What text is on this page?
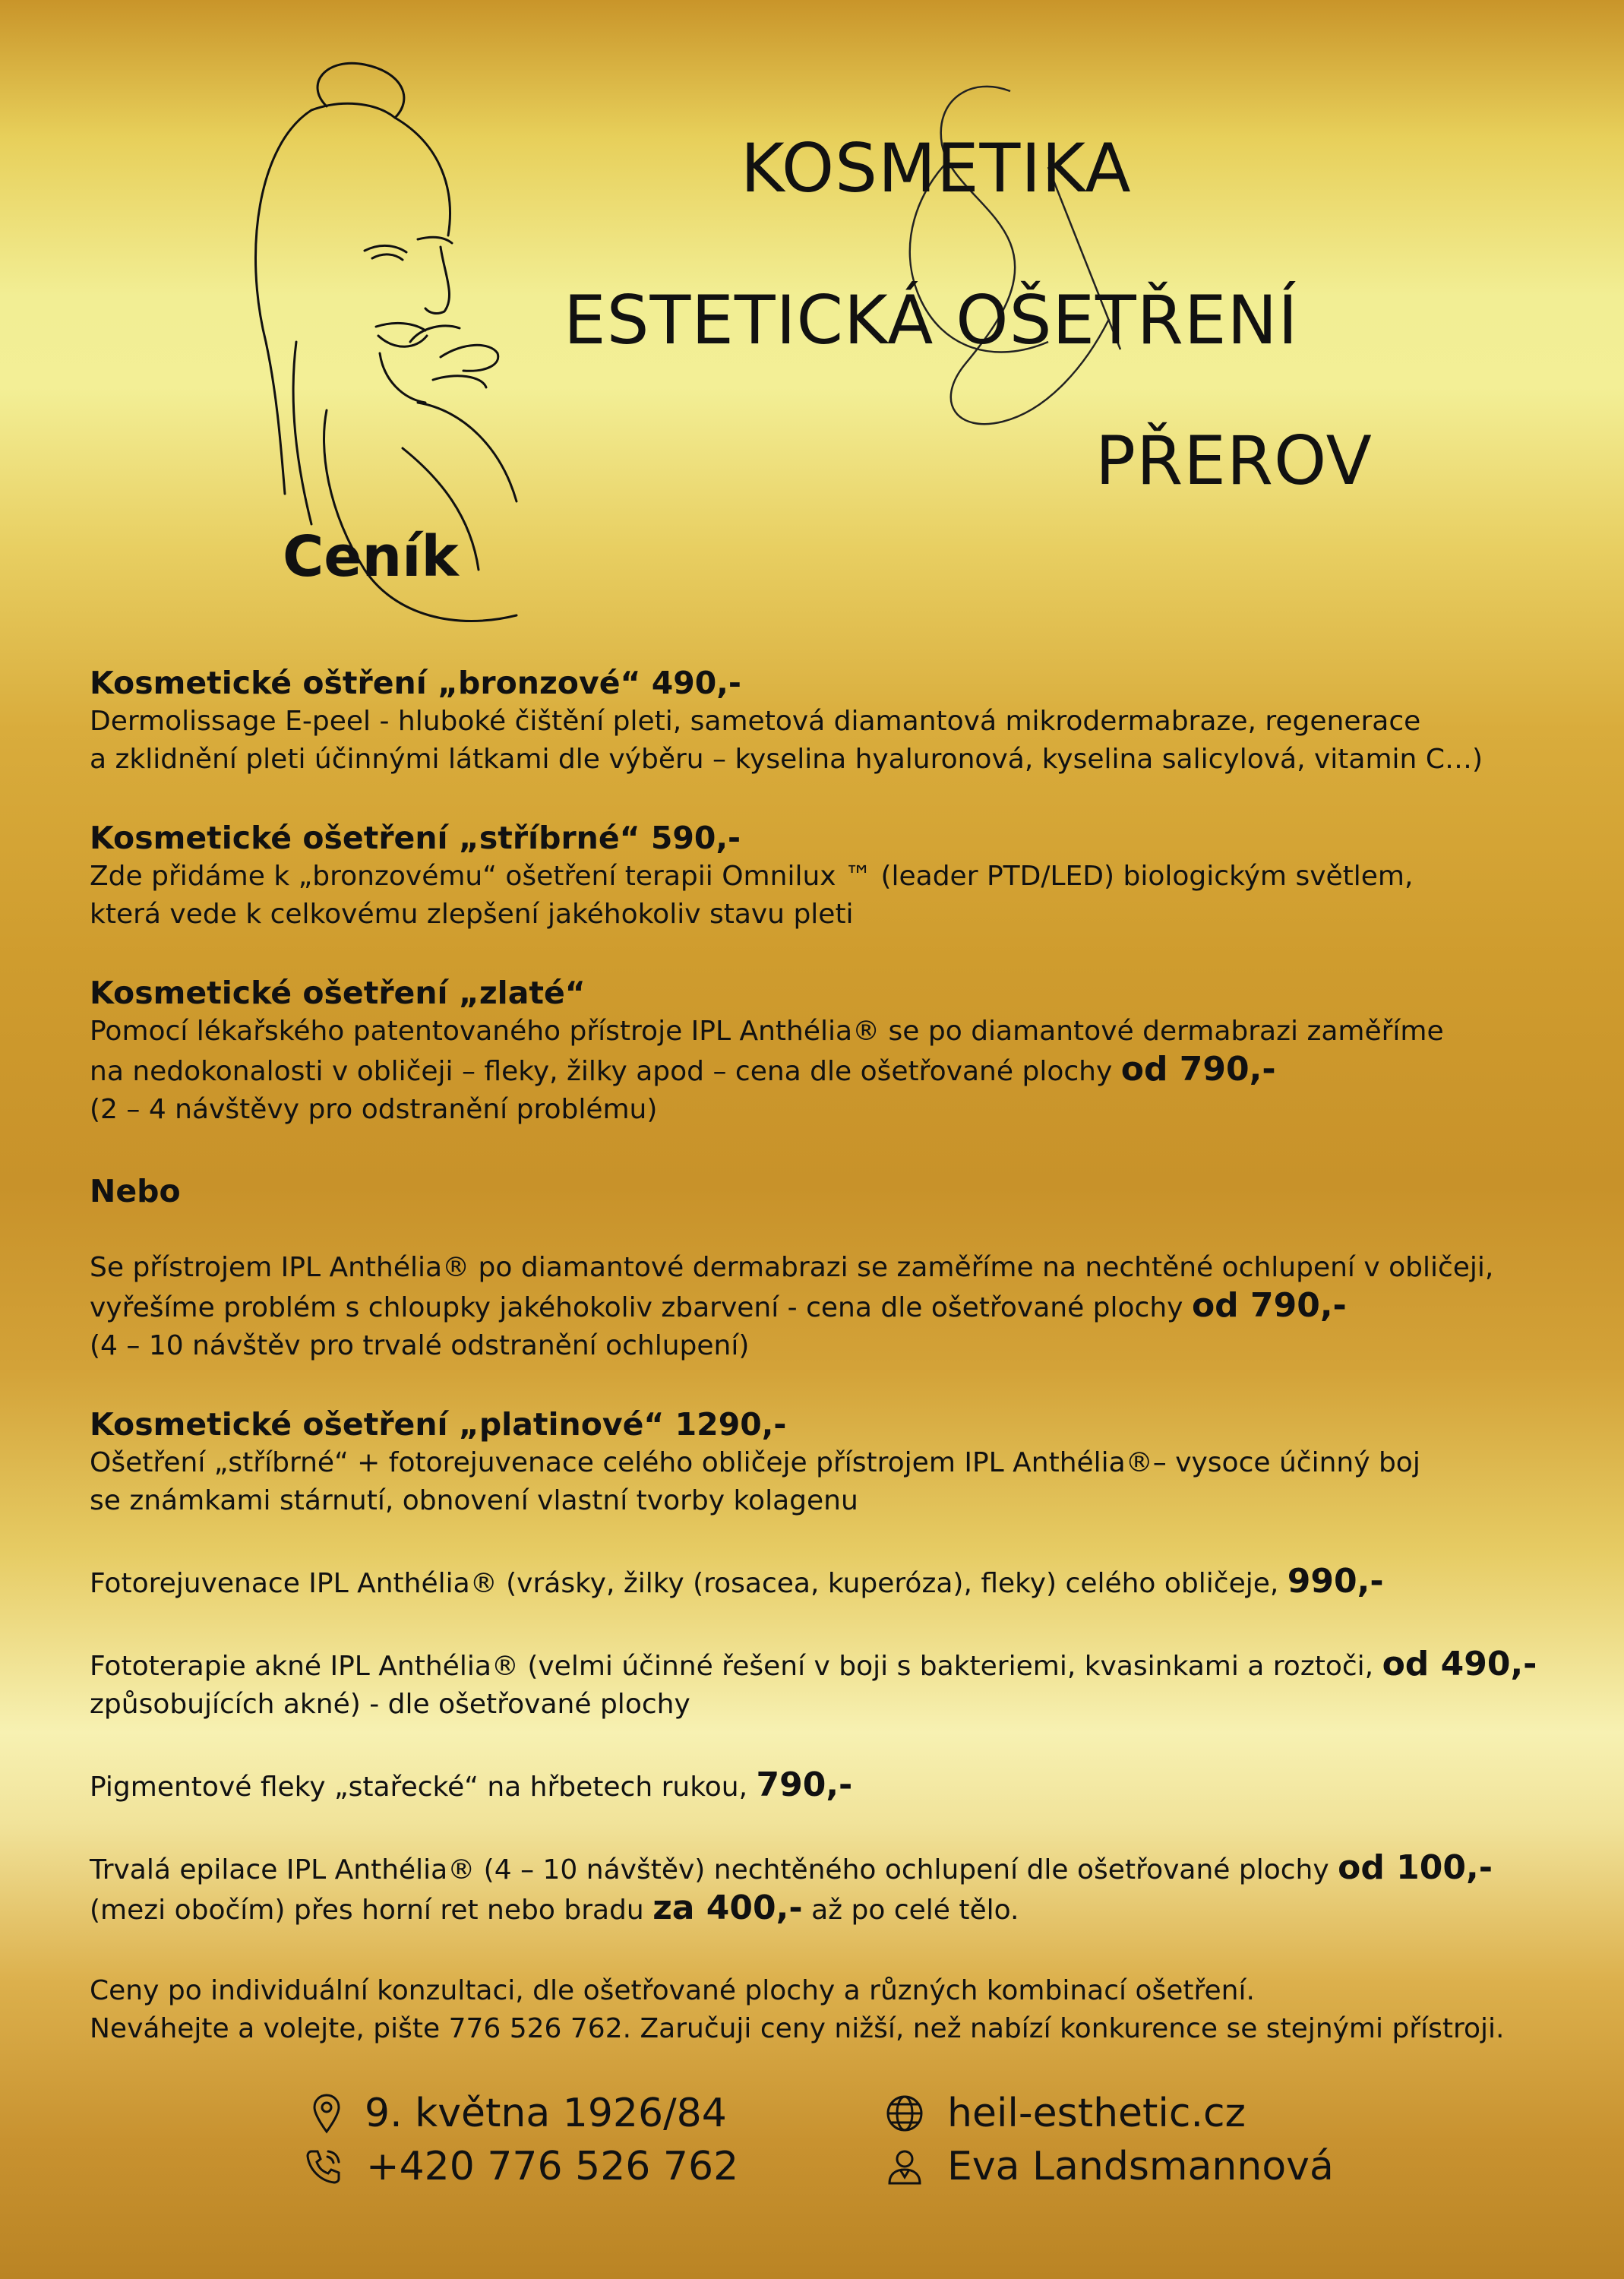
KOSMETIKA
ESTETICKÁ OŠETŘENÍ
PŘEROV
Ceník

Kosmetické oštření „bronzové“ 490,-

Dermolissage E-peel - hluboké čištění pleti, sametová diamantová mikrodermabraze, regenerace

a zklidnění pleti účinnými látkami dle výběru – kyselina hyaluronová, kyselina salicylová, vitamin C…)

Kosmetické ošetření „stříbrné“ 590,-

Zde přidáme k „bronzovému“ ošetření terapii Omnilux ™ (leader PTD/LED) biologickým světlem,

která vede k celkovému zlepšení jakéhokoliv stavu pleti

Kosmetické ošetření „zlaté“

Pomocí lékařského patentovaného přístroje IPL Anthélia® se po diamantové dermabrazi zaměříme

na nedokonalosti v obličeji – fleky, žilky apod – cena dle ošetřované plochy od 790,-

(2 – 4 návštěvy pro odstranění problému)

Nebo

Se přístrojem IPL Anthélia® po diamantové dermabrazi se zaměříme na nechtěné ochlupení v obličeji,

vyřešíme problém s chloupky jakéhokoliv zbarvení - cena dle ošetřované plochy od 790,-

(4 – 10 návštěv pro trvalé odstranění ochlupení)

Kosmetické ošetření „platinové“ 1290,-

Ošetření „stříbrné“ + fotorejuvenace celého obličeje přístrojem IPL Anthélia®– vysoce účinný boj

se známkami stárnutí, obnovení vlastní tvorby kolagenu

Fotorejuvenace IPL Anthélia® (vrásky, žilky (rosacea, kuperóza), fleky) celého obličeje, 990,-

Fototerapie akné IPL Anthélia® (velmi účinné řešení v boji s bakteriemi, kvasinkami a roztoči, od 490,-

způsobujících akné) - dle ošetřované plochy

Pigmentové fleky „stařecké“ na hřbetech rukou, 790,-

Trvalá epilace IPL Anthélia® (4 – 10 návštěv) nechtěného ochlupení dle ošetřované plochy od 100,-

(mezi obočím) přes horní ret nebo bradu za 400,- až po celé tělo.

Ceny po individuální konzultaci, dle ošetřované plochy a různých kombinací ošetření.

Neváhejte a volejte, pište 776 526 762. Zaručuji ceny nižší, než nabízí konkurence se stejnými přístroji.

9. května 1926/84
+420 776 526 762
heil-esthetic.cz
Eva Landsmannová
